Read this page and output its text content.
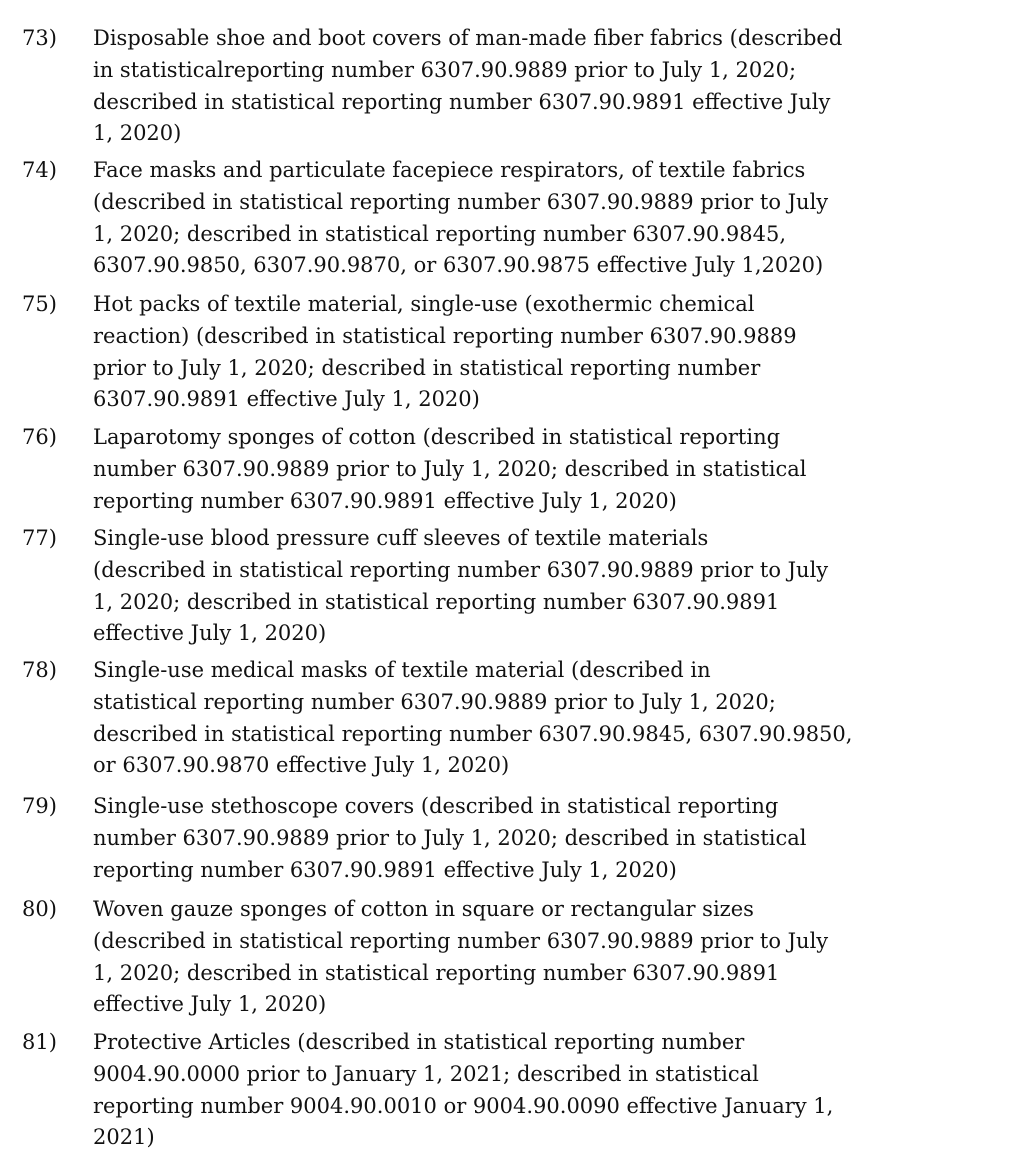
73)	Disposable shoe and boot covers of man-made fiber fabrics (described
in statisticalreporting number 6307.90.9889 prior to July 1, 2020;
described in statistical reporting number 6307.90.9891 effective July
1, 2020)
74)	Face masks and particulate facepiece respirators, of textile fabrics
(described in statistical reporting number 6307.90.9889 prior to July
1, 2020; described in statistical reporting number 6307.90.9845,
6307.90.9850, 6307.90.9870, or 6307.90.9875 effective July 1,2020)
75)	Hot packs of textile material, single-use (exothermic chemical
reaction) (described in statistical reporting number 6307.90.9889
prior to July 1, 2020; described in statistical reporting number
6307.90.9891 effective July 1, 2020)
76)	Laparotomy sponges of cotton (described in statistical reporting
number 6307.90.9889 prior to July 1, 2020; described in statistical
reporting number 6307.90.9891 effective July 1, 2020)
77)	Single-use blood pressure cuff sleeves of textile materials
(described in statistical reporting number 6307.90.9889 prior to July
1, 2020; described in statistical reporting number 6307.90.9891
effective July 1, 2020)
78)	Single-use medical masks of textile material (described in
statistical reporting number 6307.90.9889 prior to July 1, 2020;
described in statistical reporting number 6307.90.9845, 6307.90.9850,
or 6307.90.9870 effective July 1, 2020)
79)	Single-use stethoscope covers (described in statistical reporting
number 6307.90.9889 prior to July 1, 2020; described in statistical
reporting number 6307.90.9891 effective July 1, 2020)
80)	Woven gauze sponges of cotton in square or rectangular sizes
(described in statistical reporting number 6307.90.9889 prior to July
1, 2020; described in statistical reporting number 6307.90.9891
effective July 1, 2020)
81)	Protective Articles (described in statistical reporting number
9004.90.0000 prior to January 1, 2021; described in statistical
reporting number 9004.90.0010 or 9004.90.0090 effective January 1,
2021)
